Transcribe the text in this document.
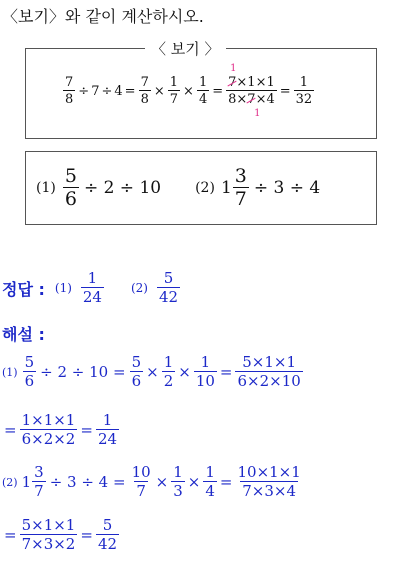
〈보기〉와 같이 계산하시오.
〈 보기 〉
$\frac{7}{8} \div 7 \div 4 = \frac{7}{8} \times \frac{1}{7} \times \frac{1}{4}$ =
7×1×1
8×7×4
1
1
= $\frac{1}{32}$
$(1) \frac{5}{6} \div 2 \div 10$ (2) $1 \frac{3}{7} \div 3 \div 4$
정답 : $(1) \frac{1}{24} (2) \frac{5}{42}$
해설 :
$(1) \frac{5}{6} \div 2 \div 10 = \frac{5}{6} \times \frac{1}{2} \times \frac{1}{10} = \frac{5\times 1\times 1}{6\times 2\times 10}$
= $\frac{1\times 1\times 1}{6\times 2\times 2} = \frac{1}{24}$
(2) $1 \frac{3}{7} \div 3 \div 4 = \frac{10}{7} \times \frac{1}{3} \times \frac{1}{4} = \frac{10\times 1\times 1}{7\times 3\times 4}$
= $\frac{5\times 1\times 1}{7\times 3\times 2} = \frac{5}{42}$
